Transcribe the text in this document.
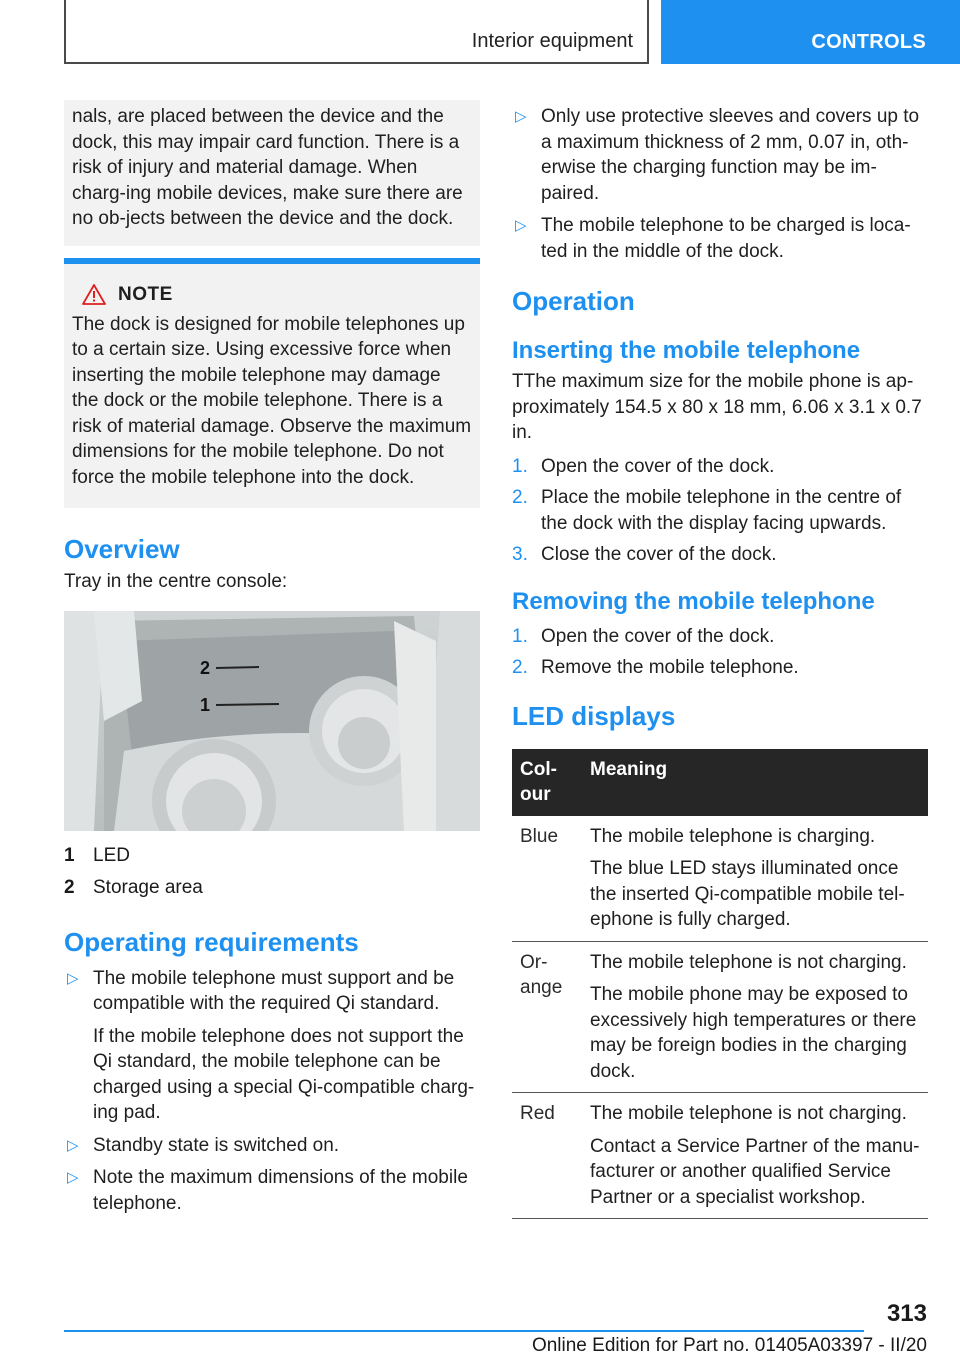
Interior equipment	CONTROLS

nals, are placed between the device and the dock, this may impair card function. There is a risk of injury and material damage. When charg‐ing mobile devices, make sure there are no ob‐jects between the device and the dock.

NOTE

The dock is designed for mobile telephones up to a certain size. Using excessive force when inserting the mobile telephone may damage the dock or the mobile telephone. There is a risk of material damage. Observe the maximum dimensions for the mobile telephone. Do not force the mobile telephone into the dock.

Overview

Tray in the centre console:

2
1
1 LED
2 Storage area
Operating requirements
▷ The mobile telephone must support and be compatible with the required Qi standard.

If the mobile telephone does not support the Qi standard, the mobile telephone can be charged using a special Qi-compatible charg‐ing pad.

▷ Standby state is switched on.

▷ Note the maximum dimensions of the mobile telephone.

▷ Only use protective sleeves and covers up to a maximum thickness of 2 mm, 0.07 in, oth‐erwise the charging function may be im‐paired.

▷ The mobile telephone to be charged is loca‐ted in the middle of the dock.

Operation
Inserting the mobile telephone

TThe maximum size for the mobile phone is ap‐proximately 154.5 x 80 x 18 mm, 6.06 x 3.1 x 0.7 in.

1. Open the cover of the dock.

2. Place the mobile telephone in the centre of the dock with the display facing upwards.

3. Close the cover of the dock.

Removing the mobile telephone
1. Open the cover of the dock.

2. Remove the mobile telephone.

LED displays
Col‐our	Meaning
Blue	The mobile telephone is charging.

The blue LED stays illuminated once the inserted Qi-compatible mobile tel‐ephone is fully charged.

Or‐ange	The mobile telephone is not charging.

The mobile phone may be exposed to excessively high temperatures or there may be foreign bodies in the charging dock.

Red	The mobile telephone is not charging.

Contact a Service Partner of the manu‐facturer or another qualified Service Partner or a specialist workshop.

313
Online Edition for Part no. 01405A03397 - II/20
